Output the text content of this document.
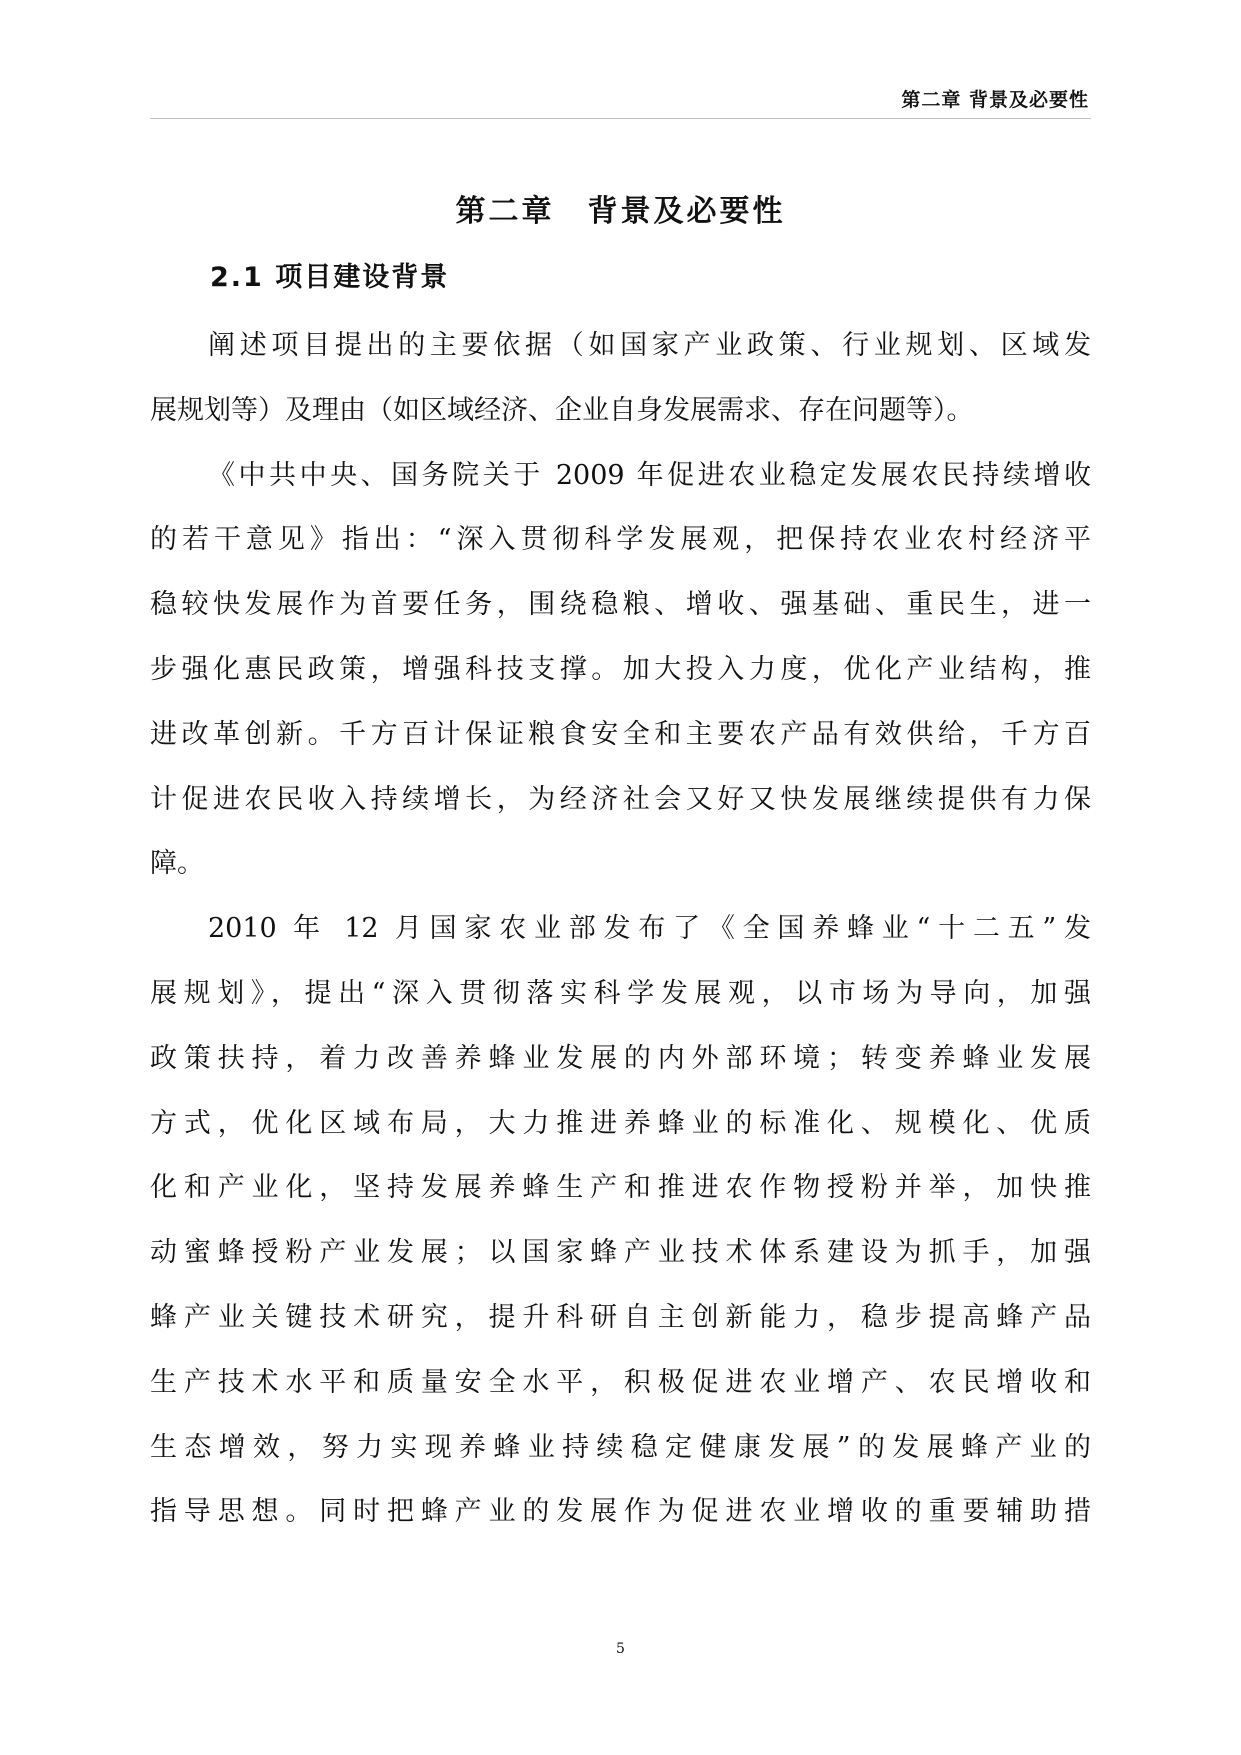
第二章 背景及必要性
第二章　背景及必要性
2.1 项目建设背景
阐述项目提出的主要依据（如国家产业政策、行业规划、区域发
展规划等）及理由（如区域经济、企业自身发展需求、存在问题等）。
《中共中央、国务院关于 2009 年促进农业稳定发展农民持续增收
的若干意见》指出：“深入贯彻科学发展观，把保持农业农村经济平
稳较快发展作为首要任务，围绕稳粮、增收、强基础、重民生，进一
步强化惠民政策，增强科技支撑。加大投入力度，优化产业结构，推
进改革创新。千方百计保证粮食安全和主要农产品有效供给，千方百
计促进农民收入持续增长，为经济社会又好又快发展继续提供有力保
障。
2010 年 12 月国家农业部发布了《全国养蜂业“十二五”发
展规划》，提出“深入贯彻落实科学发展观，以市场为导向，加强
政策扶持，着力改善养蜂业发展的内外部环境；转变养蜂业发展
方式，优化区域布局，大力推进养蜂业的标准化、规模化、优质
化和产业化，坚持发展养蜂生产和推进农作物授粉并举，加快推
动蜜蜂授粉产业发展；以国家蜂产业技术体系建设为抓手，加强
蜂产业关键技术研究，提升科研自主创新能力，稳步提高蜂产品
生产技术水平和质量安全水平，积极促进农业增产、农民增收和
生态增效，努力实现养蜂业持续稳定健康发展”的发展蜂产业的
指导思想。同时把蜂产业的发展作为促进农业增收的重要辅助措
5
